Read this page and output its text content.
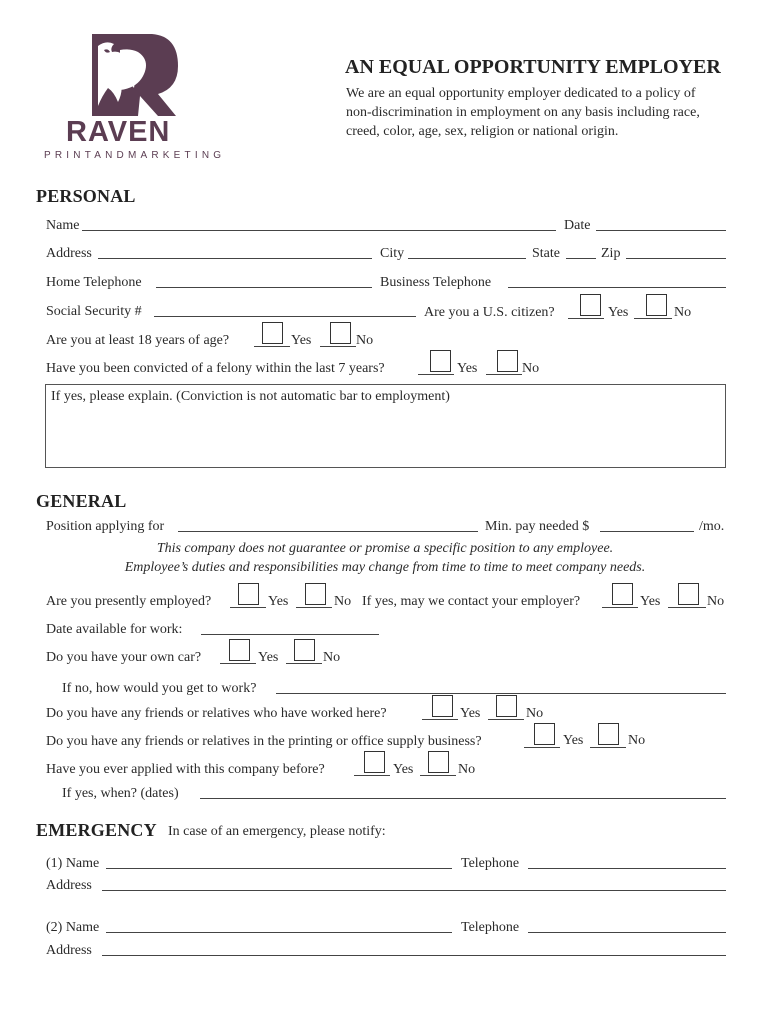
RAVEN
PRINTANDMARKETING
AN EQUAL OPPORTUNITY EMPLOYER
We are an equal opportunity employer dedicated to a policy of
non-discrimination in employment on any basis including race,
creed, color, age, sex, religion or national origin.
PERSONAL
Name	Date
Address	City	State	Zip
Home Telephone	Business Telephone
Social Security #	Are you a U.S. citizen?	Yes	No
Are you at least 18 years of age?	Yes	No
Have you been convicted of a felony within the last 7 years?	Yes	No
If yes, please explain. (Conviction is not automatic bar to employment)
GENERAL
Position applying for	Min. pay needed $	/mo.
This company does not guarantee or promise a specific position to any employee.
Employee’s duties and responsibilities may change from time to time to meet company needs.
Are you presently employed?	Yes	No If yes, may we contact your employer?	Yes	No
Date available for work:
Do you have your own car?	Yes	No
If no, how would you get to work?
Do you have any friends or relatives who have worked here?	Yes	No
Do you have any friends or relatives in the printing or office supply business?	Yes	No
Have you ever applied with this company before?	Yes	No
If yes, when? (dates)
EMERGENCY In case of an emergency, please notify:
(1) Name	Telephone
Address
(2) Name	Telephone
Address
